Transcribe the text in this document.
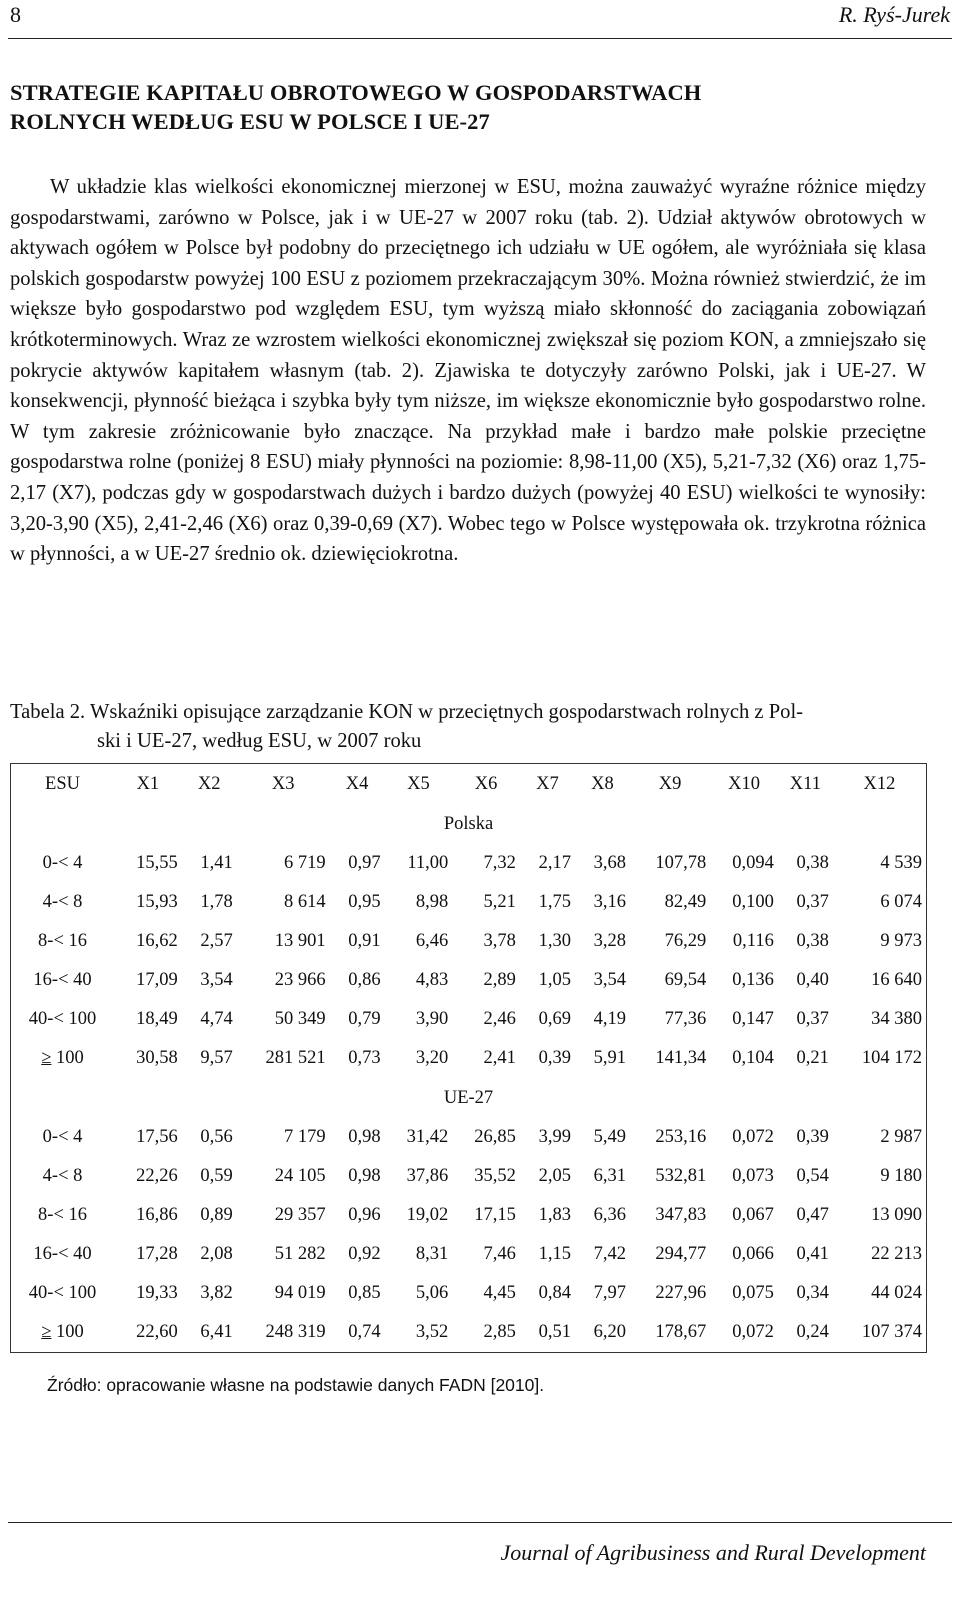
8	R. Ryś-Jurek
STRATEGIE KAPITAŁU OBROTOWEGO W GOSPODARSTWACH
ROLNYCH WEDŁUG ESU W POLSCE I UE-27

W układzie klas wielkości ekonomicznej mierzonej w ESU, można zauważyć wyraźne różnice między gospodarstwami, zarówno w Polsce, jak i w UE-27 w 2007 roku (tab. 2). Udział aktywów obrotowych w aktywach ogółem w Polsce był podobny do przeciętnego ich udziału w UE ogółem, ale wyróżniała się klasa polskich gospodarstw powyżej 100 ESU z poziomem przekraczającym 30%. Można również stwierdzić, że im większe było gospodarstwo pod względem ESU, tym wyższą miało skłonność do zaciągania zobowiązań krótkoterminowych. Wraz ze wzrostem wielkości ekonomicznej zwiększał się poziom KON, a zmniejszało się pokrycie aktywów kapitałem własnym (tab. 2). Zjawiska te dotyczyły zarówno Polski, jak i UE-27. W konsekwencji, płynność bieżąca i szybka były tym niższe, im większe ekonomicznie było gospodarstwo rolne. W tym zakresie zróżnicowanie było znaczące. Na przykład małe i bardzo małe polskie przeciętne gospodarstwa rolne (poniżej 8 ESU) miały płynności na poziomie: 8,98-11,00 (X5), 5,21-7,32 (X6) oraz 1,75-2,17 (X7), podczas gdy w gospodarstwach dużych i bardzo dużych (powyżej 40 ESU) wielkości te wynosiły: 3,20-3,90 (X5), 2,41-2,46 (X6) oraz 0,39-0,69 (X7). Wobec tego w Polsce występowała ok. trzykrotna różnica w płynności, a w UE-27 średnio ok. dziewięciokrotna.

Tabela 2. Wskaźniki opisujące zarządzanie KON w przeciętnych gospodarstwach rolnych z Pol-
ski i UE-27, według ESU, w 2007 roku
ESU	X1	X2	X3	X4	X5	X6	X7	X8	X9	X10	X11	X12
Polska												
0-< 4	15,55	1,41	6 719	0,97	11,00	7,32	2,17	3,68	107,78	0,094	0,38	4 539
4-< 8	15,93	1,78	8 614	0,95	8,98	5,21	1,75	3,16	82,49	0,100	0,37	6 074
8-< 16	16,62	2,57	13 901	0,91	6,46	3,78	1,30	3,28	76,29	0,116	0,38	9 973
16-< 40	17,09	3,54	23 966	0,86	4,83	2,89	1,05	3,54	69,54	0,136	0,40	16 640
40-< 100	18,49	4,74	50 349	0,79	3,90	2,46	0,69	4,19	77,36	0,147	0,37	34 380
≥ 100	30,58	9,57	281 521	0,73	3,20	2,41	0,39	5,91	141,34	0,104	0,21	104 172
UE-27												
0-< 4	17,56	0,56	7 179	0,98	31,42	26,85	3,99	5,49	253,16	0,072	0,39	2 987
4-< 8	22,26	0,59	24 105	0,98	37,86	35,52	2,05	6,31	532,81	0,073	0,54	9 180
8-< 16	16,86	0,89	29 357	0,96	19,02	17,15	1,83	6,36	347,83	0,067	0,47	13 090
16-< 40	17,28	2,08	51 282	0,92	8,31	7,46	1,15	7,42	294,77	0,066	0,41	22 213
40-< 100	19,33	3,82	94 019	0,85	5,06	4,45	0,84	7,97	227,96	0,075	0,34	44 024
≥ 100	22,60	6,41	248 319	0,74	3,52	2,85	0,51	6,20	178,67	0,072	0,24	107 374
Źródło: opracowanie własne na podstawie danych FADN [2010].
Journal of Agribusiness and Rural Development
